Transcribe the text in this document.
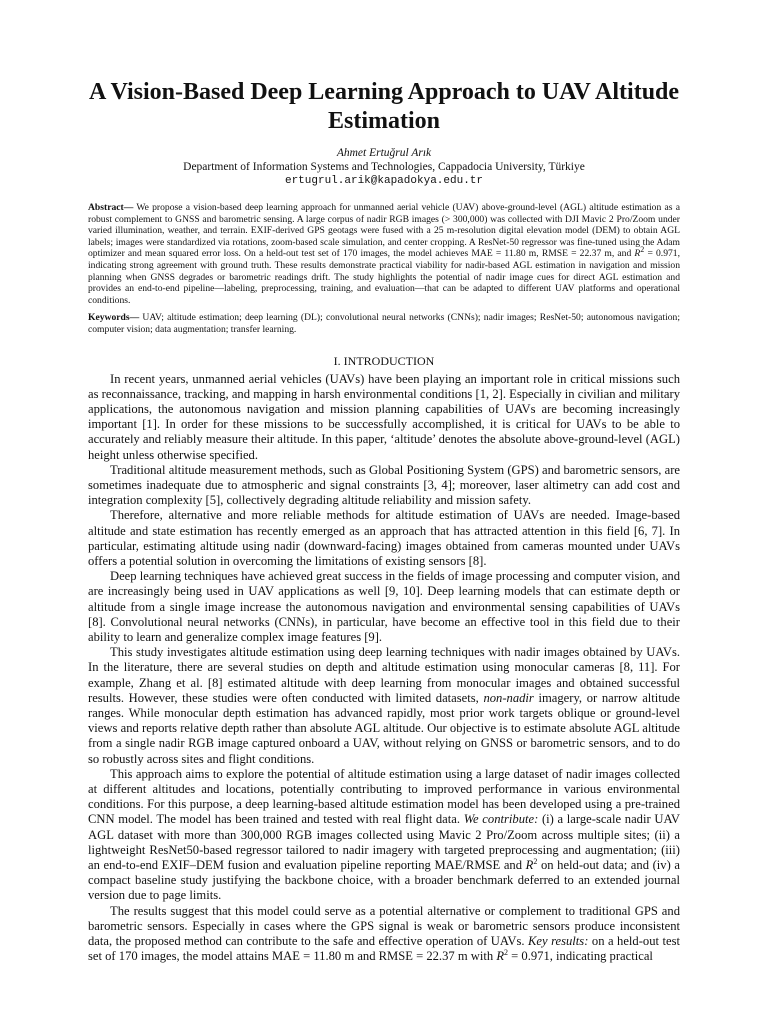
A Vision-Based Deep Learning Approach to UAV Altitude Estimation
Ahmet Ertuğrul Arık
Department of Information Systems and Technologies, Cappadocia University, Türkiye
ertugrul.arik@kapadokya.edu.tr
Abstract— We propose a vision-based deep learning approach for unmanned aerial vehicle (UAV) above-ground-level (AGL) altitude estimation as a robust complement to GNSS and barometric sensing. A large corpus of nadir RGB images (> 300,000) was collected with DJI Mavic 2 Pro/Zoom under varied illumination, weather, and terrain. EXIF-derived GPS geotags were fused with a 25 m-resolution digital elevation model (DEM) to obtain AGL labels; images were standardized via rotations, zoom-based scale simulation, and center cropping. A ResNet-50 regressor was fine-tuned using the Adam optimizer and mean squared error loss. On a held-out test set of 170 images, the model achieves MAE = 11.80 m, RMSE = 22.37 m, and $R^2 = 0.971$, indicating strong agreement with ground truth. These results demonstrate practical viability for nadir-based AGL estimation in navigation and mission planning when GNSS degrades or barometric readings drift. The study highlights the potential of nadir image cues for direct AGL estimation and provides an end-to-end pipeline—labeling, preprocessing, training, and evaluation—that can be adapted to different UAV platforms and operational conditions.
Keywords— UAV; altitude estimation; deep learning (DL); convolutional neural networks (CNNs); nadir images; ResNet-50; autonomous navigation; computer vision; data augmentation; transfer learning.
I. INTRODUCTION

In recent years, unmanned aerial vehicles (UAVs) have been playing an important role in critical missions such as reconnaissance, tracking, and mapping in harsh environmental conditions [1, 2]. Especially in civilian and military applications, the autonomous navigation and mission planning capabilities of UAVs are becoming increasingly important [1]. In order for these missions to be successfully accomplished, it is critical for UAVs to be able to accurately and reliably measure their altitude. In this paper, ‘altitude’ denotes the absolute above-ground-level (AGL) height unless otherwise specified.

Traditional altitude measurement methods, such as Global Positioning System (GPS) and barometric sensors, are sometimes inadequate due to atmospheric and signal constraints [3, 4]; moreover, laser altimetry can add cost and integration complexity [5], collectively degrading altitude reliability and mission safety.

Therefore, alternative and more reliable methods for altitude estimation of UAVs are needed. Image-based altitude and state estimation has recently emerged as an approach that has attracted attention in this field [6, 7]. In particular, estimating altitude using nadir (downward-facing) images obtained from cameras mounted under UAVs offers a potential solution in overcoming the limitations of existing sensors [8].

Deep learning techniques have achieved great success in the fields of image processing and computer vision, and are increasingly being used in UAV applications as well [9, 10]. Deep learning models that can estimate depth or altitude from a single image increase the autonomous navigation and environmental sensing capabilities of UAVs [8]. Convolutional neural networks (CNNs), in particular, have become an effective tool in this field due to their ability to learn and generalize complex image features [9].

This study investigates altitude estimation using deep learning techniques with nadir images obtained by UAVs. In the literature, there are several studies on depth and altitude estimation using monocular cameras [8, 11]. For example, Zhang et al. [8] estimated altitude with deep learning from monocular images and obtained successful results. However, these studies were often conducted with limited datasets, non-nadir imagery, or narrow altitude ranges. While monocular depth estimation has advanced rapidly, most prior work targets oblique or ground-level views and reports relative depth rather than absolute AGL altitude. Our objective is to estimate absolute AGL altitude from a single nadir RGB image captured onboard a UAV, without relying on GNSS or barometric sensors, and to do so robustly across sites and flight conditions.

This approach aims to explore the potential of altitude estimation using a large dataset of nadir images collected at different altitudes and locations, potentially contributing to improved performance in various environmental conditions. For this purpose, a deep learning-based altitude estimation model has been developed using a pre-trained CNN model. The model has been trained and tested with real flight data. We contribute: (i) a large-scale nadir UAV AGL dataset with more than 300,000 RGB images collected using Mavic 2 Pro/Zoom across multiple sites; (ii) a lightweight ResNet50-based regressor tailored to nadir imagery with targeted preprocessing and augmentation; (iii) an end-to-end EXIF–DEM fusion and evaluation pipeline reporting MAE/RMSE and $R^2$ on held-out data; and (iv) a compact baseline study justifying the backbone choice, with a broader benchmark deferred to an extended journal version due to page limits.

The results suggest that this model could serve as a potential alternative or complement to traditional GPS and barometric sensors. Especially in cases where the GPS signal is weak or barometric sensors produce inconsistent data, the proposed method can contribute to the safe and effective operation of UAVs. Key results: on a held-out test set of 170 images, the model attains MAE = 11.80 m and RMSE = 22.37 m with $R^2 = 0.971$, indicating practical
